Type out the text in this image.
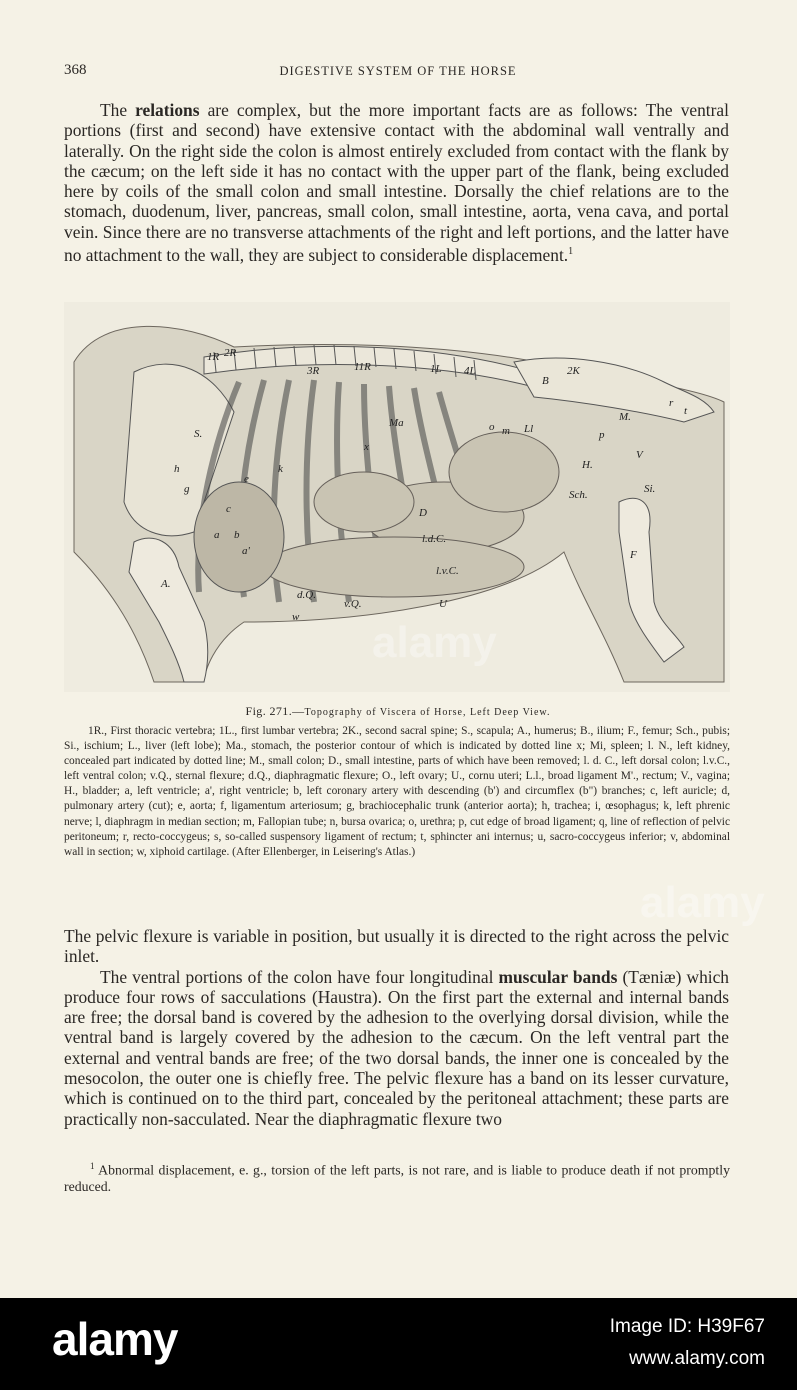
368	DIGESTIVE SYSTEM OF THE HORSE

The relations are complex, but the more important facts are as follows: The ventral portions (first and second) have extensive contact with the abdominal wall ventrally and laterally. On the right side the colon is almost entirely excluded from contact with the flank by the cæcum; on the left side it has no contact with the upper part of the flank, being excluded here by coils of the small colon and small intestine. Dorsally the chief relations are to the stomach, duodenum, liver, pancreas, small colon, small intestine, aorta, vena cava, and portal vein. Since there are no transverse attachments of the right and left portions, and the latter have no attachment to the wall, they are subject to considerable displacement.$^1$

1R 2R
3R	11R	1L 4L	2K
B
S.
A.
F
Sch.	Si.
Ll
l.d.C.
l.v.C.
d.Q.
v.Q.
D
M.
H.
Ma
U
V
w
a
a'
b
c
e
g
h	k
x
o m	p
t
r
Fig. 271.—Topography of Viscera of Horse, Left Deep View.
1R., First thoracic vertebra; 1L., first lumbar vertebra; 2K., second sacral spine; S., scapula; A., humerus; B., ilium; F., femur; Sch., pubis; Si., ischium; L., liver (left lobe); Ma., stomach, the posterior contour of which is indicated by dotted line x; Mi, spleen; l. N., left kidney, concealed part indicated by dotted line; M., small colon; D., small intestine, parts of which have been removed; l. d. C., left dorsal colon; l.v.C., left ventral colon; v.Q., sternal flexure; d.Q., diaphragmatic flexure; O., left ovary; U., cornu uteri; L.l., broad ligament M'., rectum; V., vagina; H., bladder; a, left ventricle; a', right ventricle; b, left coronary artery with descending (b') and circumflex (b") branches; c, left auricle; d, pulmonary artery (cut); e, aorta; f, ligamentum arteriosum; g, brachiocephalic trunk (anterior aorta); h, trachea; i, œsophagus; k, left phrenic nerve; l, diaphragm in median section; m, Fallopian tube; n, bursa ovarica; o, urethra; p, cut edge of broad ligament; q, line of reflection of pelvic peritoneum; r, recto-coccygeus; s, so-called suspensory ligament of rectum; t, sphincter ani internus; u, sacro-coccygeus inferior; v, abdominal wall in section; w, xiphoid cartilage. (After Ellenberger, in Leisering's Atlas.)

The pelvic flexure is variable in position, but usually it is directed to the right across the pelvic inlet.

The ventral portions of the colon have four longitudinal muscular bands (Tæniæ) which produce four rows of sacculations (Haustra). On the first part the external and internal bands are free; the dorsal band is covered by the adhesion to the overlying dorsal division, while the ventral band is largely covered by the adhesion to the cæcum. On the left ventral part the external and ventral bands are free; of the two dorsal bands, the inner one is concealed by the mesocolon, the outer one is chiefly free. The pelvic flexure has a band on its lesser curvature, which is continued on to the third part, concealed by the peritoneal attachment; these parts are practically non-sacculated. Near the diaphragmatic flexure two

$^1$ Abnormal displacement, e. g., torsion of the left parts, is not rare, and is liable to produce death if not promptly reduced.
alamy
alamy
alamy	Image ID: H39F67
www.alamy.com
